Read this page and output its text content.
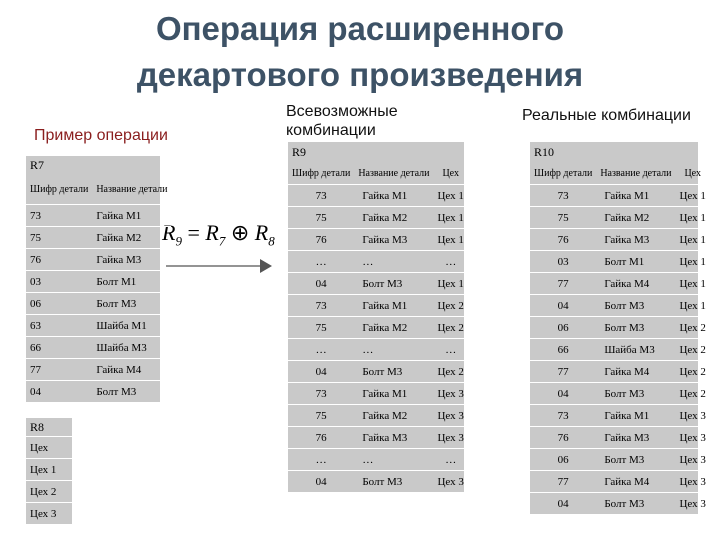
Операция расширенного
декартового произведения
Пример операции
Всевозможные комбинации
Реальные комбинации
$R_9 = R_7$ ⊕ $R_8$
R7	
Шифр детали	Название детали
73	Гайка М1
75	Гайка М2
76	Гайка М3
03	Болт М1
06	Болт М3
63	Шайба М1
66	Шайба М3
77	Гайка М4
04	Болт М3
R8
Цех
Цех 1
Цех 2
Цех 3
R9		
Шифр детали	Название детали	Цех
73	Гайка М1	Цех 1
75	Гайка М2	Цех 1
76	Гайка М3	Цех 1
…	…	…
04	Болт М3	Цех 1
73	Гайка М1	Цех 2
75	Гайка М2	Цех 2
…	…	…
04	Болт М3	Цех 2
73	Гайка М1	Цех 3
75	Гайка М2	Цех 3
76	Гайка М3	Цех 3
…	…	…
04	Болт М3	Цех 3
R10		
Шифр детали	Название детали	Цех
73	Гайка М1	Цех 1
75	Гайка М2	Цех 1
76	Гайка М3	Цех 1
03	Болт М1	Цех 1
77	Гайка М4	Цех 1
04	Болт М3	Цех 1
06	Болт М3	Цех 2
66	Шайба М3	Цех 2
77	Гайка М4	Цех 2
04	Болт М3	Цех 2
73	Гайка М1	Цех 3
76	Гайка М3	Цех 3
06	Болт М3	Цех 3
77	Гайка М4	Цех 3
04	Болт М3	Цех 3
